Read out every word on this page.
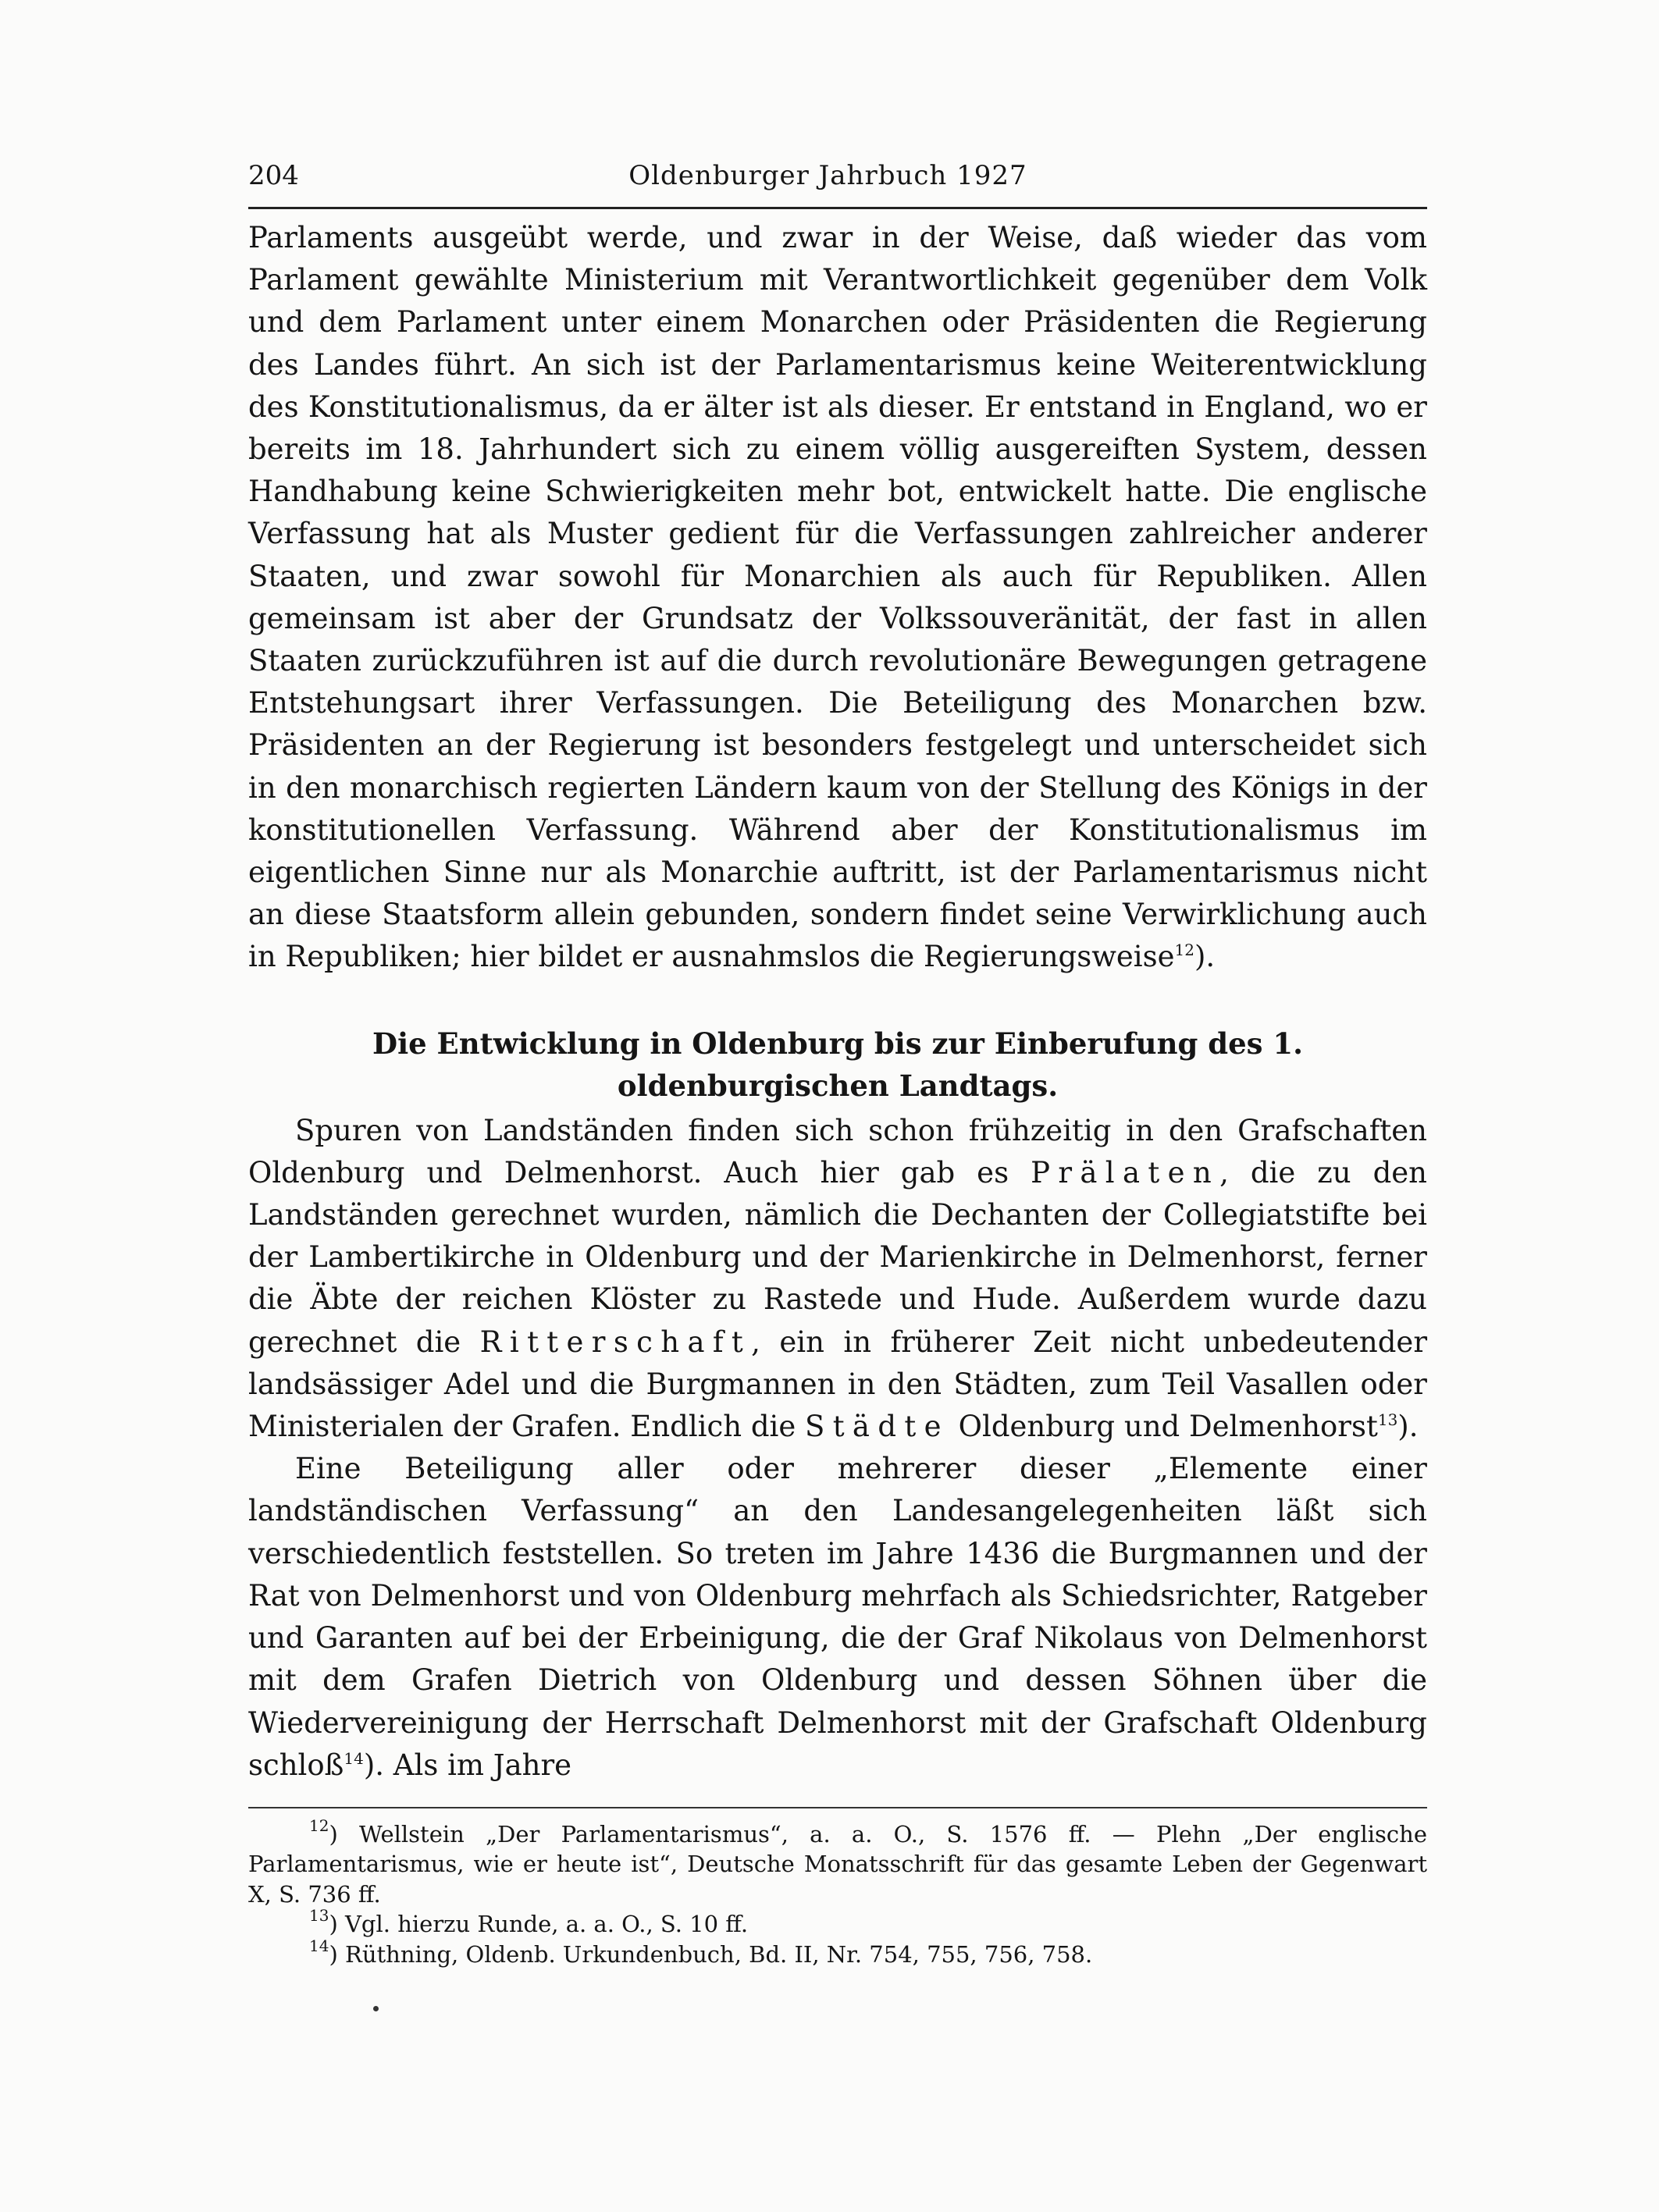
204	Oldenburger Jahrbuch 1927

Parlaments ausgeübt werde, und zwar in der Weise, daß wieder das vom Parlament gewählte Ministerium mit Verantwortlichkeit gegenüber dem Volk und dem Parlament unter einem Monarchen oder Präsidenten die Regierung des Landes führt. An sich ist der Parlamentarismus keine Weiterentwicklung des Konstitutionalismus, da er älter ist als dieser. Er entstand in England, wo er bereits im 18. Jahrhundert sich zu einem völlig ausgereiften System, dessen Handhabung keine Schwierigkeiten mehr bot, entwickelt hatte. Die englische Verfassung hat als Muster gedient für die Verfassungen zahlreicher anderer Staaten, und zwar sowohl für Monarchien als auch für Republiken. Allen gemeinsam ist aber der Grundsatz der Volkssouveränität, der fast in allen Staaten zurückzuführen ist auf die durch revolutionäre Bewegungen getragene Entstehungsart ihrer Verfassungen. Die Beteiligung des Monarchen bzw. Präsidenten an der Regierung ist besonders festgelegt und unterscheidet sich in den monarchisch regierten Ländern kaum von der Stellung des Königs in der konstitutionellen Verfassung. Während aber der Konstitutionalismus im eigentlichen Sinne nur als Monarchie auftritt, ist der Parlamentarismus nicht an diese Staatsform allein gebunden, sondern findet seine Verwirklichung auch in Republiken; hier bildet er ausnahmslos die Regierungsweise$^{12}$).

Die Entwicklung in Oldenburg bis zur Einberufung des 1. oldenburgischen Landtags.

Spuren von Landständen finden sich schon frühzeitig in den Grafschaften Oldenburg und Delmenhorst. Auch hier gab es Prälaten, die zu den Landständen gerechnet wurden, nämlich die Dechanten der Collegiatstifte bei der Lambertikirche in Oldenburg und der Marienkirche in Delmenhorst, ferner die Äbte der reichen Klöster zu Rastede und Hude. Außerdem wurde dazu gerechnet die Ritterschaft, ein in früherer Zeit nicht unbedeutender landsässiger Adel und die Burgmannen in den Städten, zum Teil Vasallen oder Ministerialen der Grafen. Endlich die Städte Oldenburg und Delmenhorst$^{13}$).

Eine Beteiligung aller oder mehrerer dieser „Elemente einer landständischen Verfassung“ an den Landesangelegenheiten läßt sich verschiedentlich feststellen. So treten im Jahre 1436 die Burgmannen und der Rat von Delmenhorst und von Oldenburg mehrfach als Schiedsrichter, Ratgeber und Garanten auf bei der Erbeinigung, die der Graf Nikolaus von Delmenhorst mit dem Grafen Dietrich von Oldenburg und dessen Söhnen über die Wiedervereinigung der Herrschaft Delmenhorst mit der Grafschaft Oldenburg schloß$^{14}$). Als im Jahre

$^{12}$) Wellstein „Der Parlamentarismus“, a. a. O., S. 1576 ff. — Plehn „Der englische Parlamentarismus, wie er heute ist“, Deutsche Monatsschrift für das gesamte Leben der Gegenwart X, S. 736 ff.

$^{13}$) Vgl. hierzu Runde, a. a. O., S. 10 ff.

$^{14}$) Rüthning, Oldenb. Urkundenbuch, Bd. II, Nr. 754, 755, 756, 758.
